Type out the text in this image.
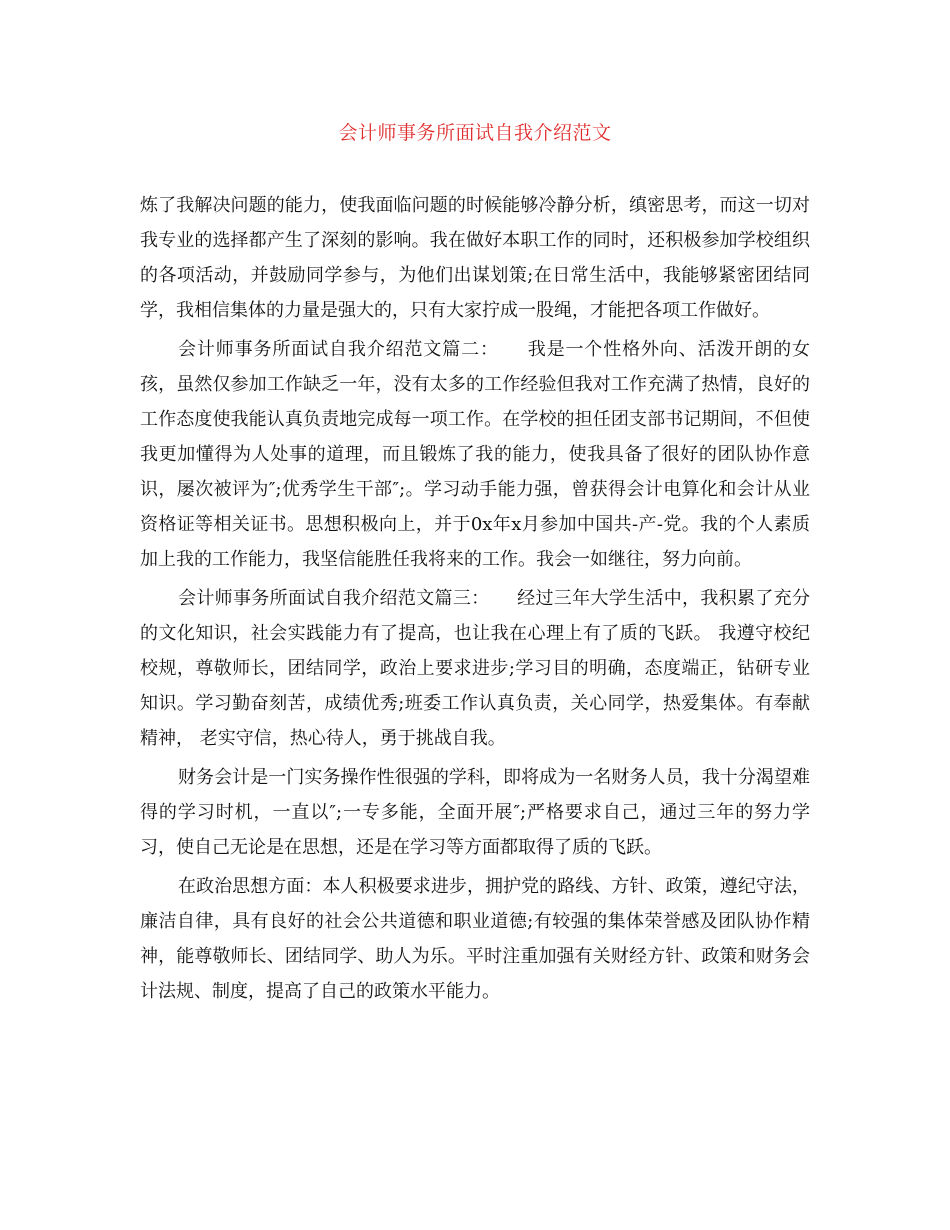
会计师事务所面试自我介绍范文

炼了我解决问题的能力，使我面临问题的时候能够冷静分析，缜密思考，而这一切对我专业的选择都产生了深刻的影响。我在做好本职工作的同时，还积极参加学校组织的各项活动，并鼓励同学参与，为他们出谋划策;在日常生活中，我能够紧密团结同学，我相信集体的力量是强大的，只有大家拧成一股绳，才能把各项工作做好。

会计师事务所面试自我介绍范文篇二：　　我是一个性格外向、活泼开朗的女孩，虽然仅参加工作缺乏一年，没有太多的工作经验但我对工作充满了热情，良好的工作态度使我能认真负责地完成每一项工作。在学校的担任团支部书记期间，不但使我更加懂得为人处事的道理，而且锻炼了我的能力，使我具备了很好的团队协作意识，屡次被评为″;优秀学生干部″;。学习动手能力强，曾获得会计电算化和会计从业资格证等相关证书。思想积极向上，并于0x年x月参加中国共-产-党。我的个人素质加上我的工作能力，我坚信能胜任我将来的工作。我会一如继往，努力向前。

会计师事务所面试自我介绍范文篇三：　　经过三年大学生活中，我积累了充分的文化知识，社会实践能力有了提高，也让我在心理上有了质的飞跃。 我遵守校纪校规，尊敬师长，团结同学，政治上要求进步;学习目的明确，态度端正，钻研专业知识。学习勤奋刻苦，成绩优秀;班委工作认真负责，关心同学，热爱集体。有奉献精神， 老实守信，热心待人，勇于挑战自我。

财务会计是一门实务操作性很强的学科，即将成为一名财务人员，我十分渴望难得的学习时机，一直以″;一专多能，全面开展″;严格要求自己，通过三年的努力学习，使自己无论是在思想，还是在学习等方面都取得了质的飞跃。

在政治思想方面：本人积极要求进步，拥护党的路线、方针、政策，遵纪守法，廉洁自律，具有良好的社会公共道德和职业道德;有较强的集体荣誉感及团队协作精神，能尊敬师长、团结同学、助人为乐。平时注重加强有关财经方针、政策和财务会计法规、制度，提高了自己的政策水平能力。
